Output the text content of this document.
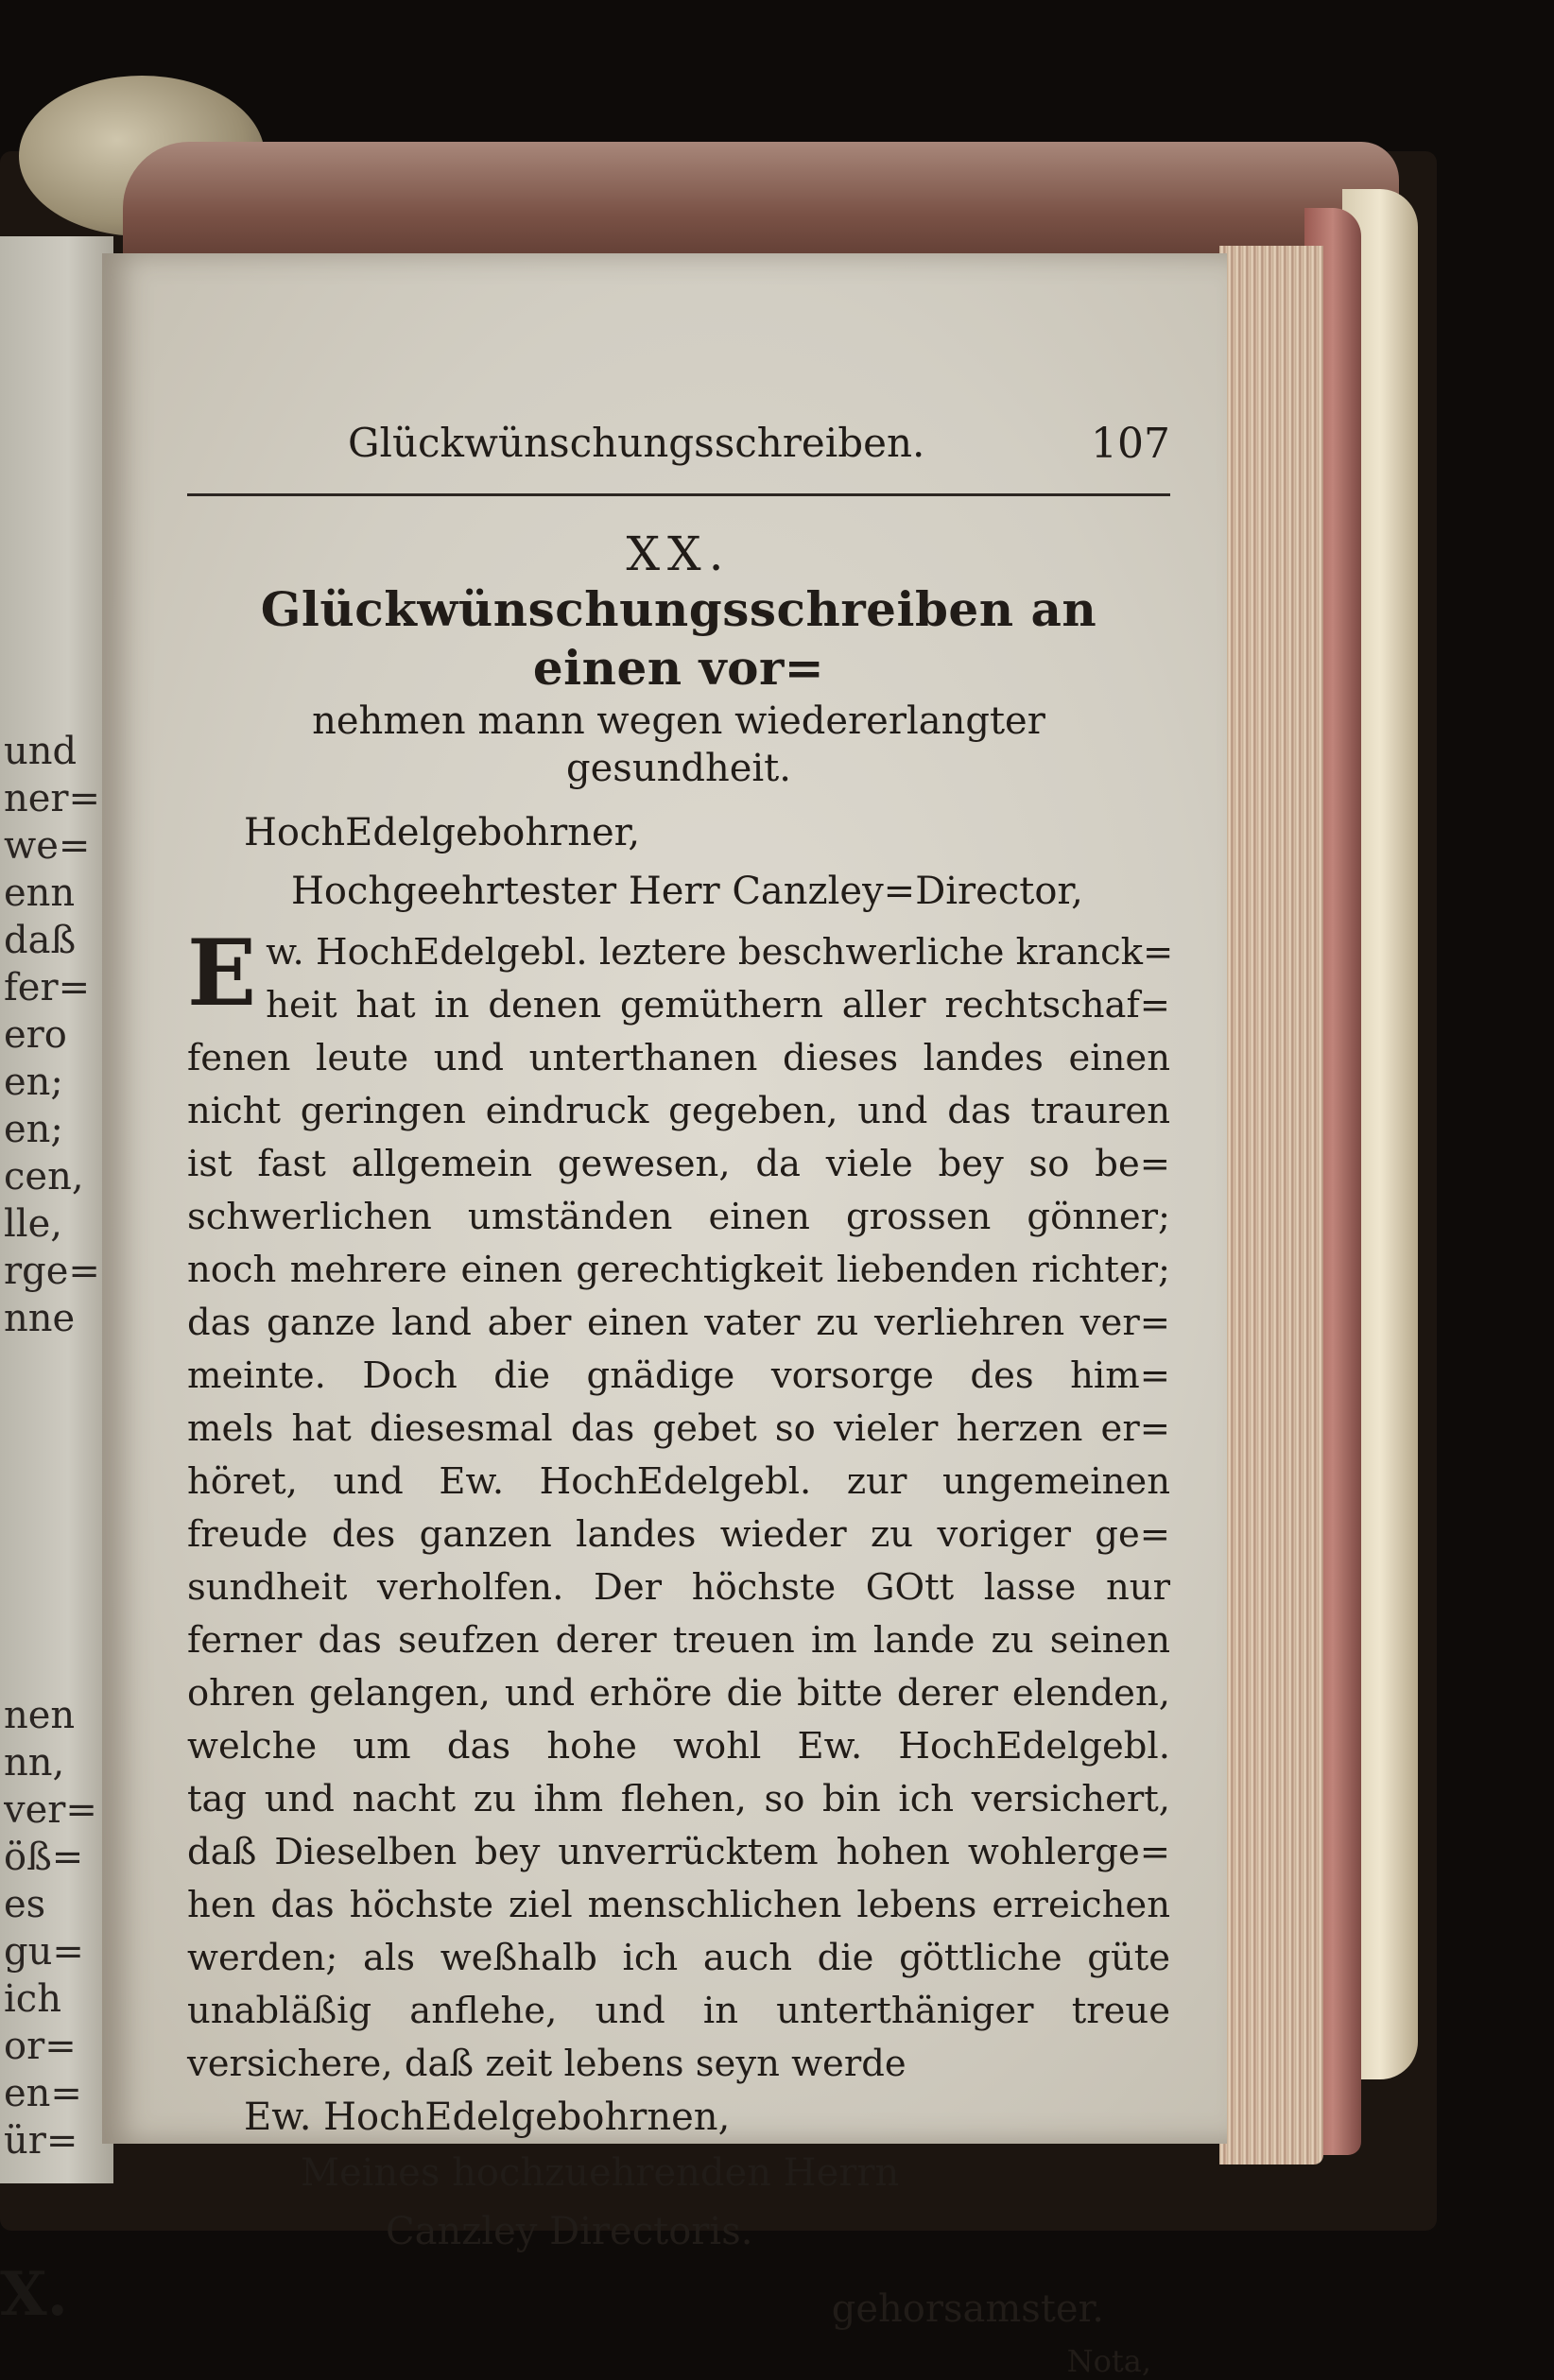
und
ner=
we=
enn
daß
fer=
ero
en;
en;
cen,
lle,
rge=
nne
nen
nn,
ver=
öß=
es
gu=
ich
or=
en=
ür=
X.
Glückwünschungsschreiben.	107
XX.
Glückwünschungsschreiben an einen vor=
nehmen mann wegen wiedererlangter
gesundheit.
HochEdelgebohrner,
Hochgeehrtester Herr Canzley=Director,
E w. HochEdelgebl. leztere beschwerliche kranck=
heit hat in denen gemüthern aller rechtschaf=
fenen leute und unterthanen dieses landes einen
nicht geringen eindruck gegeben, und das trauren
ist fast allgemein gewesen, da viele bey so be=
schwerlichen umständen einen grossen gönner;
noch mehrere einen gerechtigkeit liebenden richter;
das ganze land aber einen vater zu verliehren ver=
meinte. Doch die gnädige vorsorge des him=
mels hat diesesmal das gebet so vieler herzen er=
höret, und Ew. HochEdelgebl. zur ungemeinen
freude des ganzen landes wieder zu voriger ge=
sundheit verholfen. Der höchste GOtt lasse nur
ferner das seufzen derer treuen im lande zu seinen
ohren gelangen, und erhöre die bitte derer elenden,
welche um das hohe wohl Ew. HochEdelgebl.
tag und nacht zu ihm flehen, so bin ich versichert,
daß Dieselben bey unverrücktem hohen wohlerge=
hen das höchste ziel menschlichen lebens erreichen
werden; als weßhalb ich auch die göttliche güte
unabläßig anflehe, und in unterthäniger treue
versichere, daß zeit lebens seyn werde
Ew. HochEdelgebohrnen,
Meines hochzuehrenden Herrn
Canzley Directoris.
gehorsamster.
Nota,
